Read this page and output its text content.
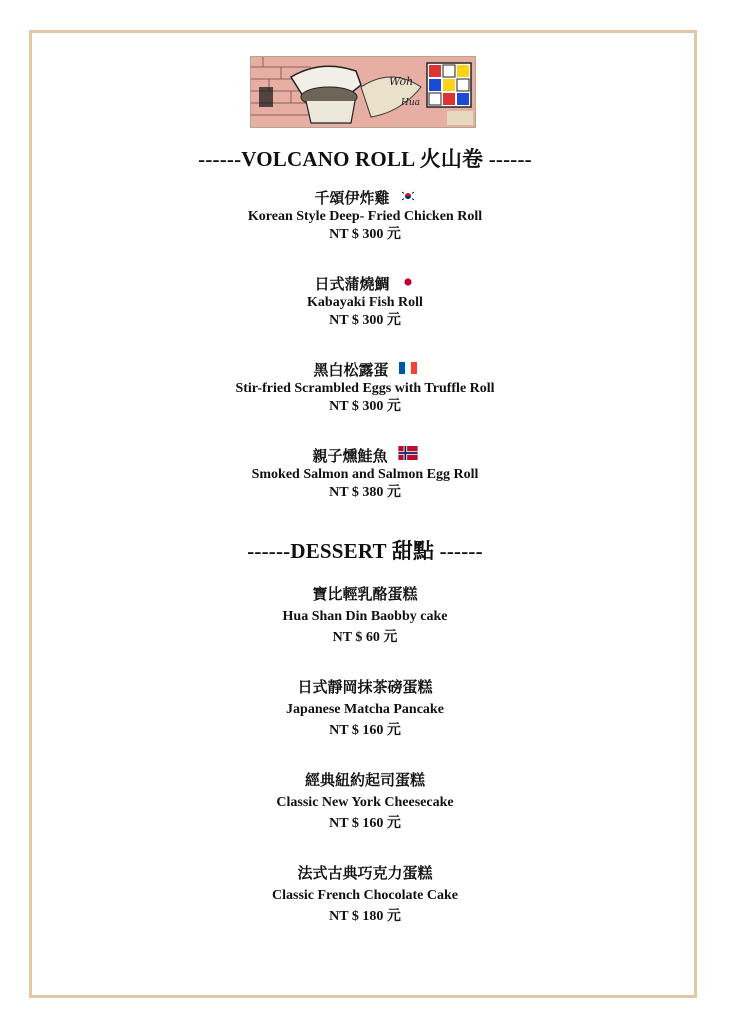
Woh
Hua
------VOLCANO ROLL 火山卷 ------
千頌伊炸雞
Korean Style Deep- Fried Chicken Roll
NT $ 300 元
日式蒲燒鯛
Kabayaki Fish Roll
NT $ 300 元
黑白松露蛋
Stir-fried Scrambled Eggs with Truffle Roll
NT $ 300 元
親子燻鮭魚
Smoked Salmon and Salmon Egg Roll
NT $ 380 元
------DESSERT 甜點 ------
寶比輕乳酪蛋糕
Hua Shan Din Baobby cake
NT $ 60 元
日式靜岡抹茶磅蛋糕
Japanese Matcha Pancake
NT $ 160 元
經典紐約起司蛋糕
Classic New York Cheesecake
NT $ 160 元
法式古典巧克力蛋糕
Classic French Chocolate Cake
NT $ 180 元
